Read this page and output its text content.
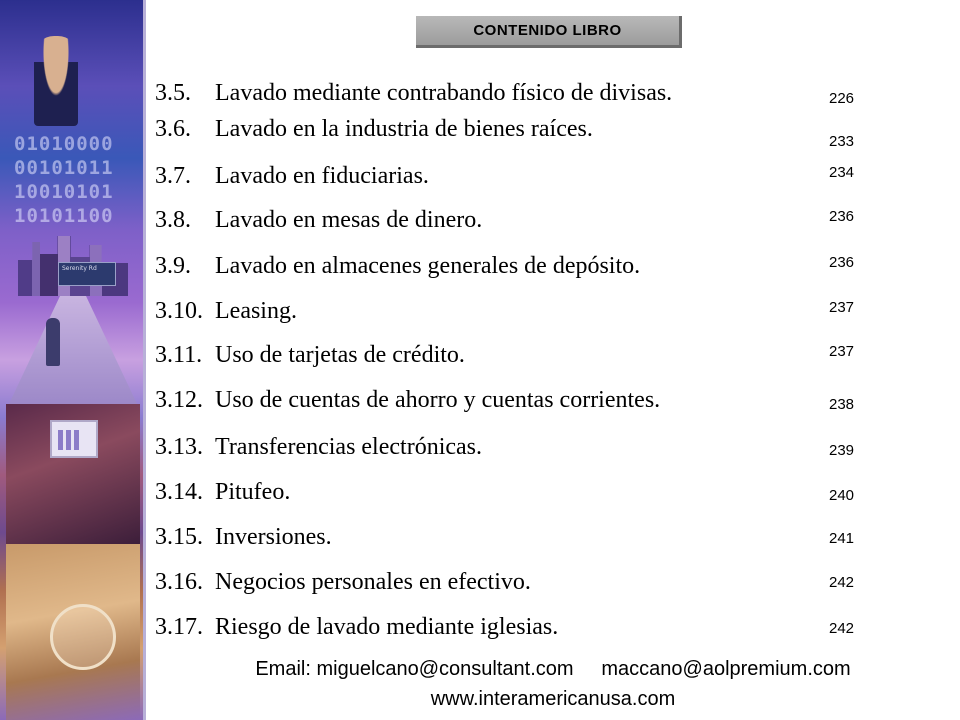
01010000
00101011
10010101
10101100
Serenity Rd
CONTENIDO LIBRO
3.5. Lavado mediante contrabando físico de divisas.	226
3.6. Lavado en la industria de bienes raíces.	233
3.7. Lavado en fiduciarias.	234
3.8. Lavado en mesas de dinero.	236
3.9. Lavado en almacenes generales de depósito.	236
3.10. Leasing.	237
3.11. Uso de tarjetas de crédito.	237
3.12. Uso de cuentas de ahorro y cuentas corrientes.	238
3.13. Transferencias electrónicas.	239
3.14. Pitufeo.	240
3.15. Inversiones.	241
3.16. Negocios personales en efectivo.	242
3.17. Riesgo de lavado mediante iglesias.	242
Email: miguelcano@consultant.com maccano@aolpremium.com
www.interamericanusa.com
